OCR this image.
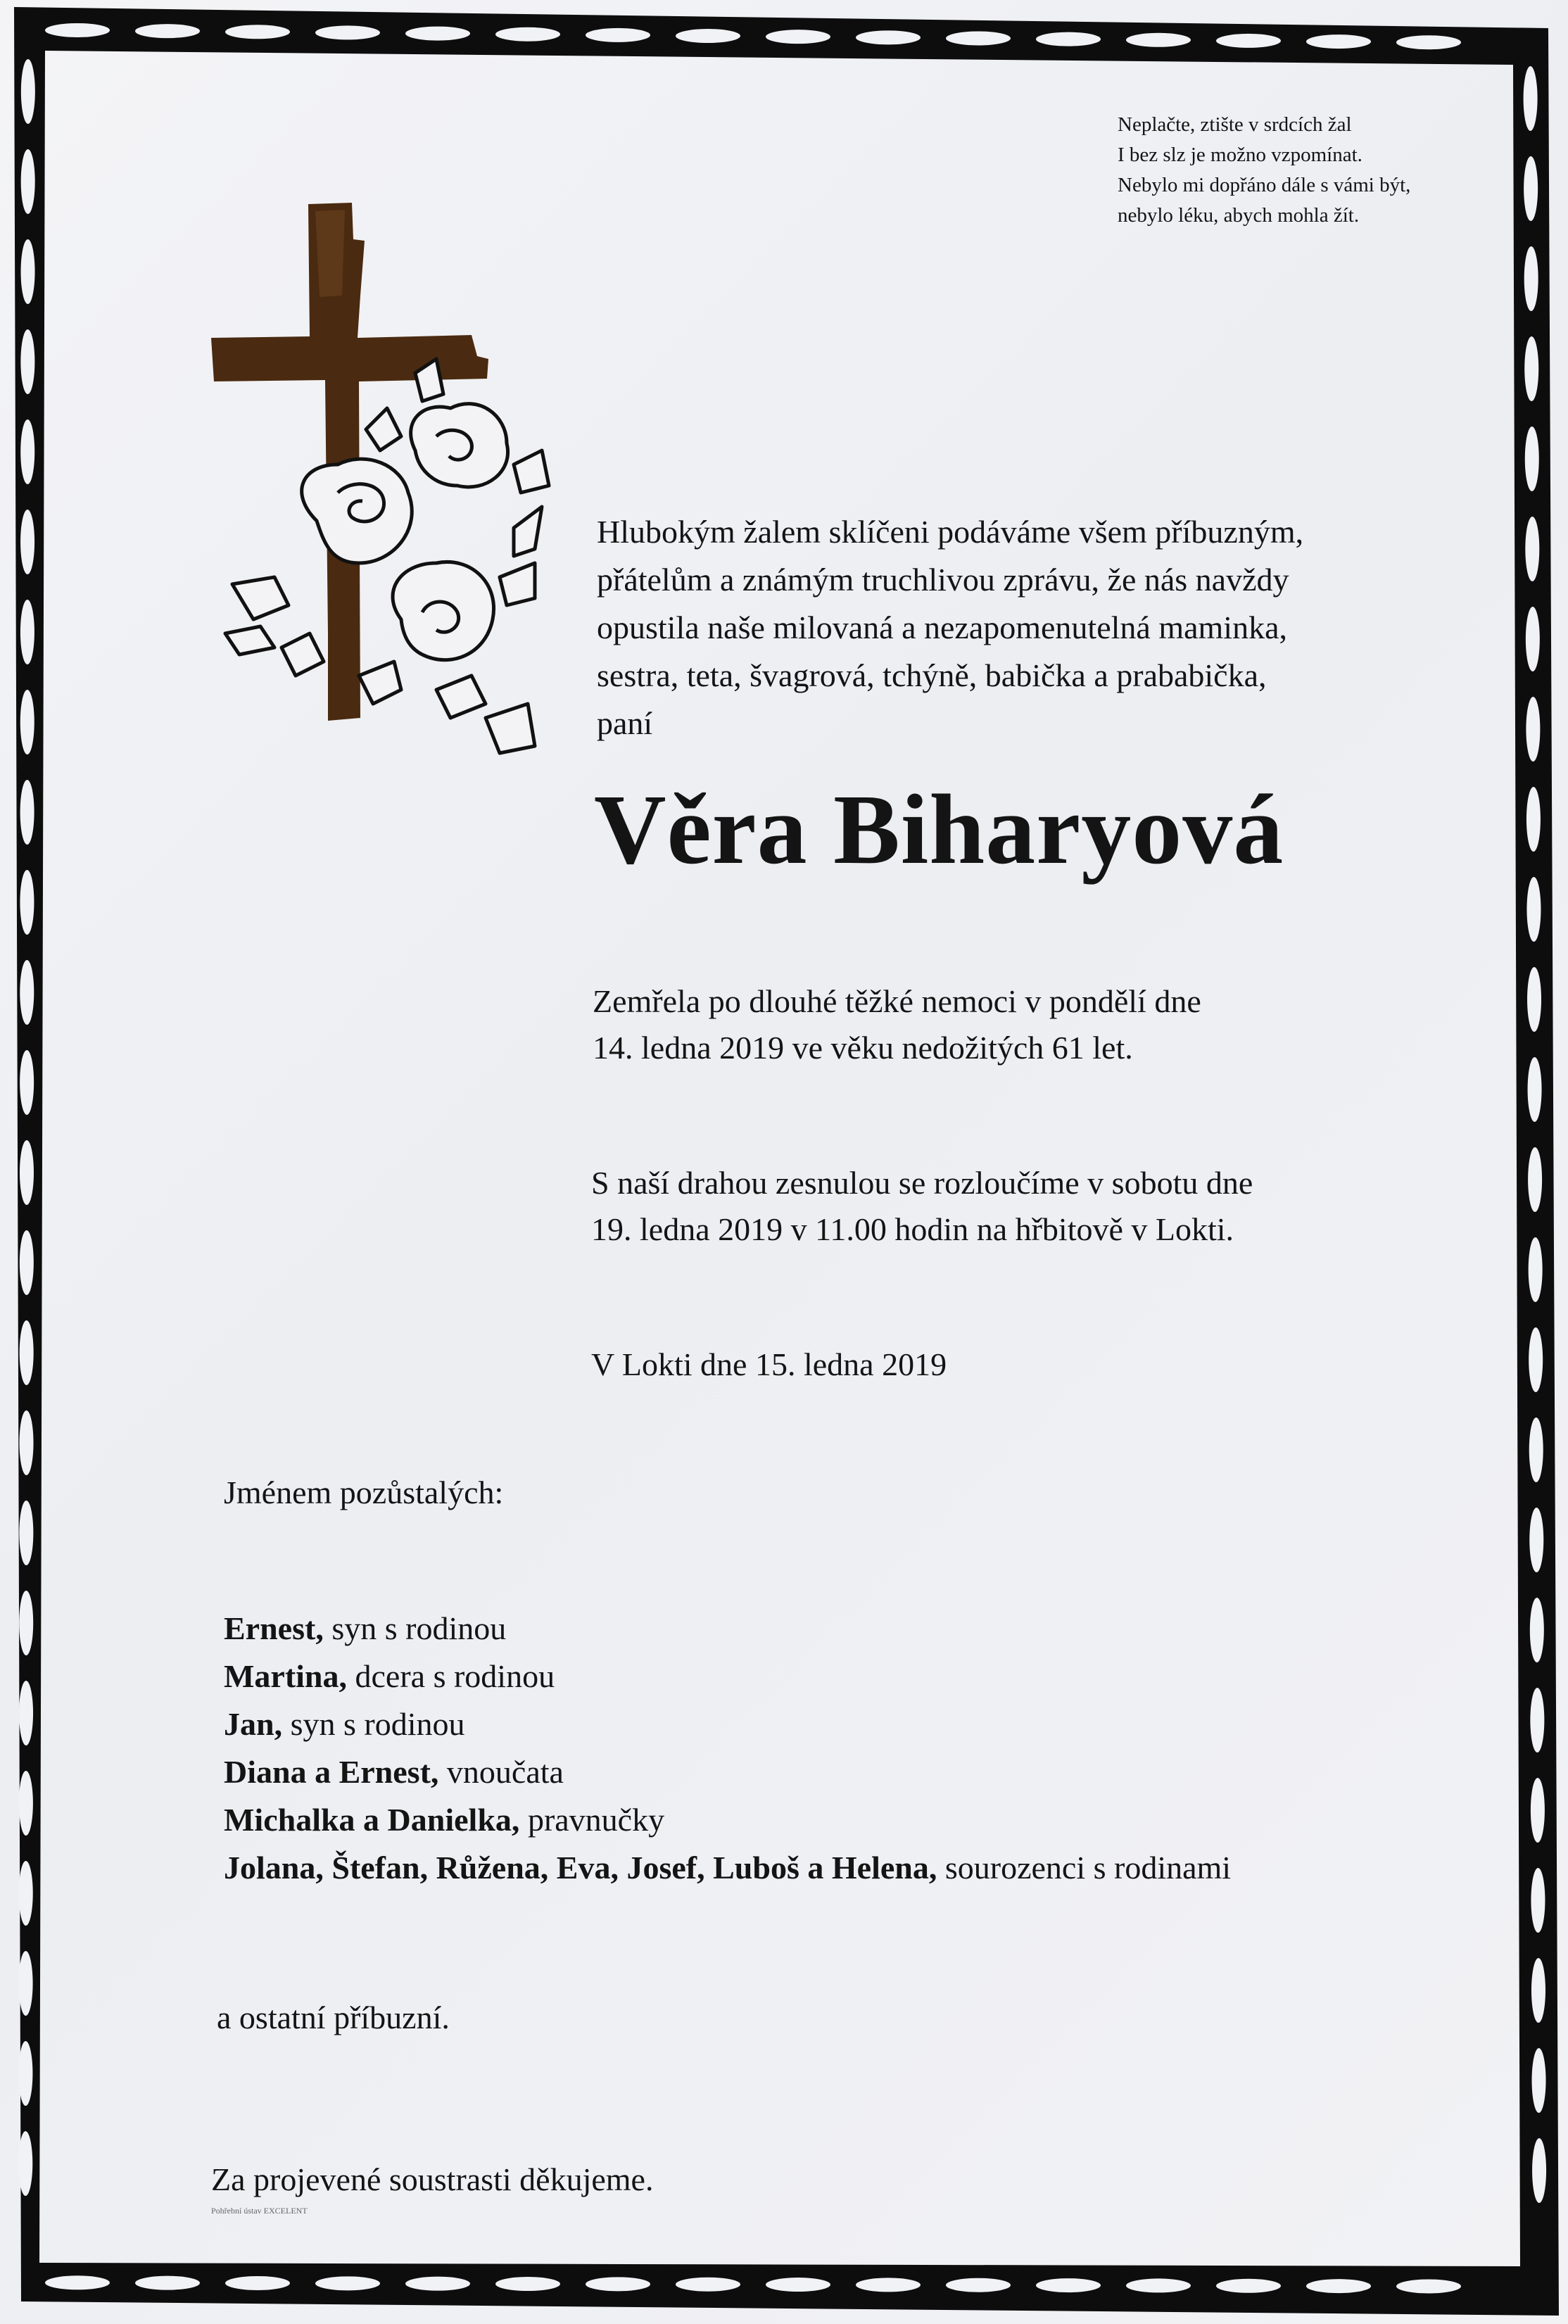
Neplačte, ztište v srdcích žal
I bez slz je možno vzpomínat.
Nebylo mi dopřáno dále s vámi být,
nebylo léku, abych mohla žít.
Hlubokým žalem sklíčeni podáváme všem příbuzným,
přátelům a známým truchlivou zprávu, že nás navždy
opustila naše milovaná a nezapomenutelná maminka,
sestra, teta, švagrová, tchýně, babička a prababička,
paní
Věra Biharyová
Zemřela po dlouhé těžké nemoci v pondělí dne
14. ledna 2019 ve věku nedožitých 61 let.
S naší drahou zesnulou se rozloučíme v sobotu dne
19. ledna 2019 v 11.00 hodin na hřbitově v Lokti.
V Lokti dne 15. ledna 2019
Jménem pozůstalých:
Ernest, syn s rodinou
Martina, dcera s rodinou
Jan, syn s rodinou
Diana a Ernest, vnoučata
Michalka a Danielka, pravnučky
Jolana, Štefan, Růžena, Eva, Josef, Luboš a Helena, sourozenci s rodinami
a ostatní příbuzní.
Za projevené soustrasti děkujeme.
Pohřební ústav EXCELENT
